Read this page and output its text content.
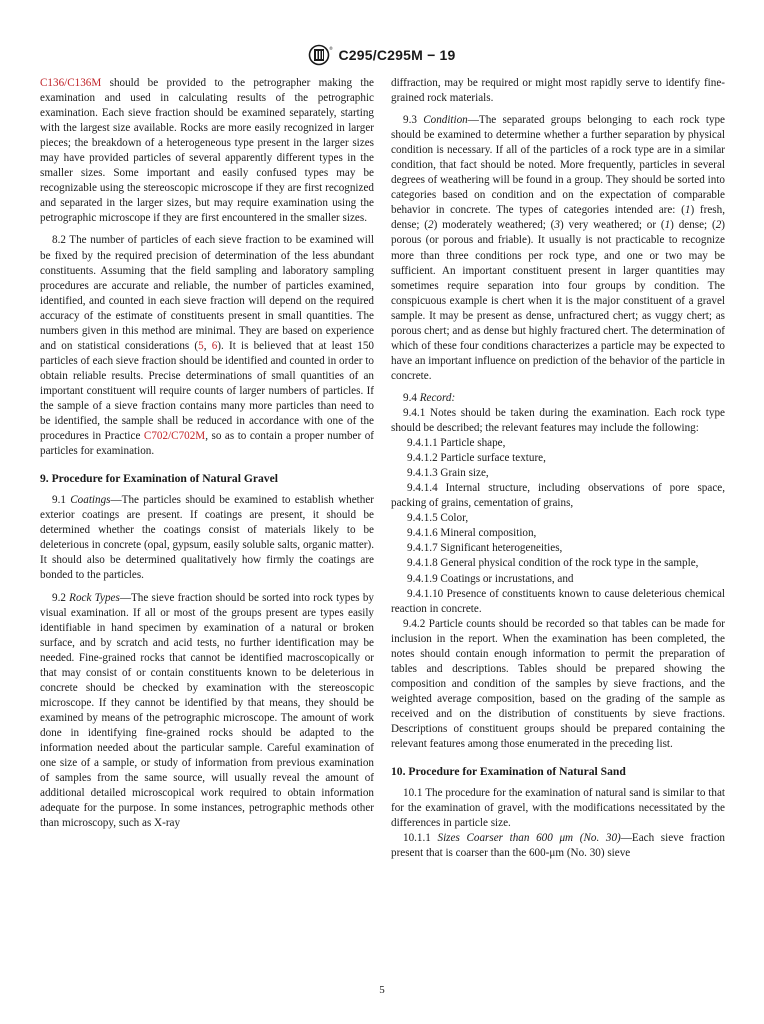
® C295/C295M − 19

C136/C136M should be provided to the petrographer making the examination and used in calculating results of the petrographic examination. Each sieve fraction should be examined separately, starting with the largest size available. Rocks are more easily recognized in larger pieces; the breakdown of a heterogeneous type present in the larger sizes may have provided particles of several apparently different types in the smaller sizes. Some important and easily confused types may be recognizable using the stereoscopic microscope if they are first recognized and separated in the larger sizes, but may require examination using the petrographic microscope if they are first encountered in the smaller sizes.

8.2 The number of particles of each sieve fraction to be examined will be fixed by the required precision of determination of the less abundant constituents. Assuming that the field sampling and laboratory sampling procedures are accurate and reliable, the number of particles examined, identified, and counted in each sieve fraction will depend on the required accuracy of the estimate of constituents present in small quantities. The numbers given in this method are minimal. They are based on experience and on statistical considerations (5, 6). It is believed that at least 150 particles of each sieve fraction should be identified and counted in order to obtain reliable results. Precise determinations of small quantities of an important constituent will require counts of larger numbers of particles. If the sample of a sieve fraction contains many more particles than need to be identified, the sample shall be reduced in accordance with one of the procedures in Practice C702/C702M, so as to contain a proper number of particles for examination.

9. Procedure for Examination of Natural Gravel

9.1 Coatings—The particles should be examined to establish whether exterior coatings are present. If coatings are present, it should be determined whether the coatings consist of materials likely to be deleterious in concrete (opal, gypsum, easily soluble salts, organic matter). It should also be determined qualitatively how firmly the coatings are bonded to the particles.

9.2 Rock Types—The sieve fraction should be sorted into rock types by visual examination. If all or most of the groups present are types easily identifiable in hand specimen by examination of a natural or broken surface, and by scratch and acid tests, no further identification may be needed. Fine-grained rocks that cannot be identified macroscopically or that may consist of or contain constituents known to be deleterious in concrete should be checked by examination with the stereoscopic microscope. If they cannot be identified by that means, they should be examined by means of the petrographic microscope. The amount of work done in identifying fine-grained rocks should be adapted to the information needed about the particular sample. Careful examination of one size of a sample, or study of information from previous examination of samples from the same source, will usually reveal the amount of additional detailed microscopical work required to obtain information adequate for the purpose. In some instances, petrographic methods other than microscopy, such as X-ray

diffraction, may be required or might most rapidly serve to identify fine-grained rock materials.

9.3 Condition—The separated groups belonging to each rock type should be examined to determine whether a further separation by physical condition is necessary. If all of the particles of a rock type are in a similar condition, that fact should be noted. More frequently, particles in several degrees of weathering will be found in a group. They should be sorted into categories based on condition and on the expectation of comparable behavior in concrete. The types of categories intended are: (1) fresh, dense; (2) moderately weathered; (3) very weathered; or (1) dense; (2) porous (or porous and friable). It usually is not practicable to recognize more than three conditions per rock type, and one or two may be sufficient. An important constituent present in larger quantities may sometimes require separation into four groups by condition. The conspicuous example is chert when it is the major constituent of a gravel sample. It may be present as dense, unfractured chert; as vuggy chert; as porous chert; and as dense but highly fractured chert. The determination of which of these four conditions characterizes a particle may be expected to have an important influence on prediction of the behavior of the particle in concrete.

9.4 Record:

9.4.1 Notes should be taken during the examination. Each rock type should be described; the relevant features may include the following:

9.4.1.1 Particle shape,

9.4.1.2 Particle surface texture,

9.4.1.3 Grain size,

9.4.1.4 Internal structure, including observations of pore space, packing of grains, cementation of grains,

9.4.1.5 Color,

9.4.1.6 Mineral composition,

9.4.1.7 Significant heterogeneities,

9.4.1.8 General physical condition of the rock type in the sample,

9.4.1.9 Coatings or incrustations, and

9.4.1.10 Presence of constituents known to cause deleterious chemical reaction in concrete.

9.4.2 Particle counts should be recorded so that tables can be made for inclusion in the report. When the examination has been completed, the notes should contain enough information to permit the preparation of tables and descriptions. Tables should be prepared showing the composition and condition of the samples by sieve fractions, and the weighted average composition, based on the grading of the sample as received and on the distribution of constituents by sieve fractions. Descriptions of constituent groups should be prepared containing the relevant features among those enumerated in the preceding list.

10. Procedure for Examination of Natural Sand

10.1 The procedure for the examination of natural sand is similar to that for the examination of gravel, with the modifications necessitated by the differences in particle size.

10.1.1 Sizes Coarser than 600 μm (No. 30)—Each sieve fraction present that is coarser than the 600-μm (No. 30) sieve

5
